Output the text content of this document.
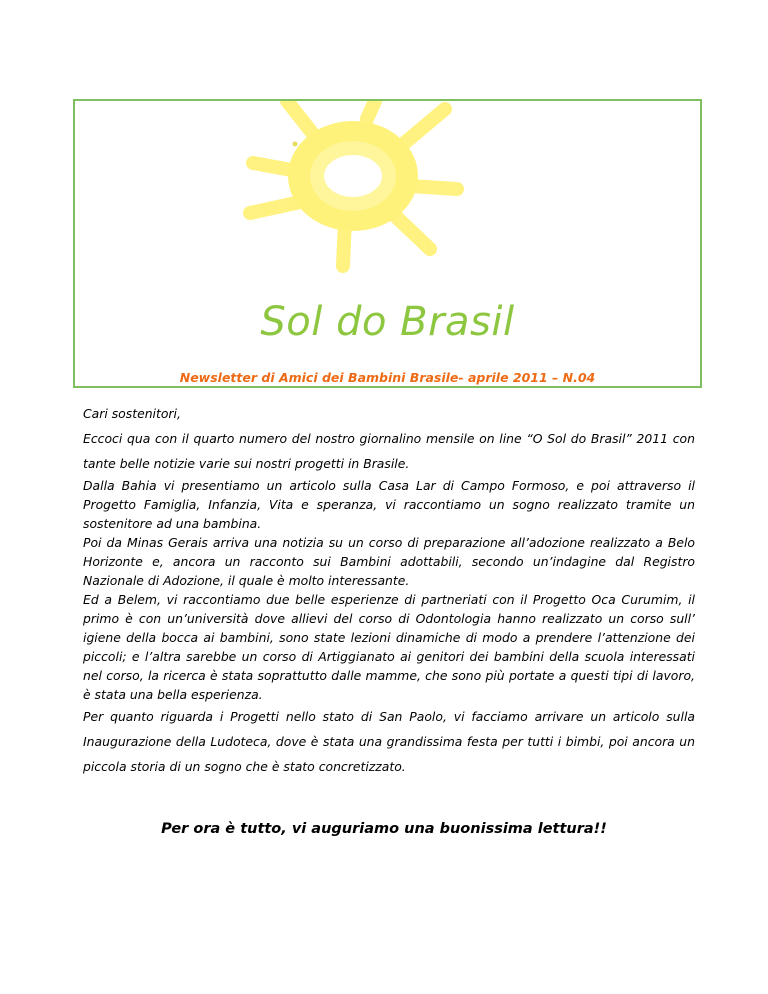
Sol do Brasil
Newsletter di Amici dei Bambini Brasile- aprile 2011 – N.04

Cari sostenitori,

Eccoci qua con il quarto numero del nostro giornalino mensile on line “O Sol do Brasil” 2011 con tante belle notizie varie sui nostri progetti in Brasile.

Dalla Bahia vi presentiamo un articolo sulla Casa Lar di Campo Formoso, e poi attraverso il Progetto Famiglia, Infanzia, Vita e speranza, vi raccontiamo un sogno realizzato tramite un sostenitore ad una bambina.

Poi da Minas Gerais arriva una notizia su un corso di preparazione all’adozione realizzato a Belo Horizonte e, ancora un racconto sui Bambini adottabili, secondo un’indagine dal Registro Nazionale di Adozione, il quale è molto interessante.

Ed a Belem, vi raccontiamo due belle esperienze di partneriati con il Progetto Oca Curumim, il primo è con un’università dove allievi del corso di Odontologia hanno realizzato un corso sull’ igiene della bocca ai bambini, sono state lezioni dinamiche di modo a prendere l’attenzione dei piccoli; e l’altra sarebbe un corso di Artiggianato ai genitori dei bambini della scuola interessati nel corso, la ricerca è stata soprattutto dalle mamme, che sono più portate a questi tipi di lavoro, è stata una bella esperienza.

Per quanto riguarda i Progetti nello stato di San Paolo, vi facciamo arrivare un articolo sulla Inaugurazione della Ludoteca, dove è stata una grandissima festa per tutti i bimbi, poi ancora un piccola storia di un sogno che è stato concretizzato.

Per ora è tutto, vi auguriamo una buonissima lettura!!
